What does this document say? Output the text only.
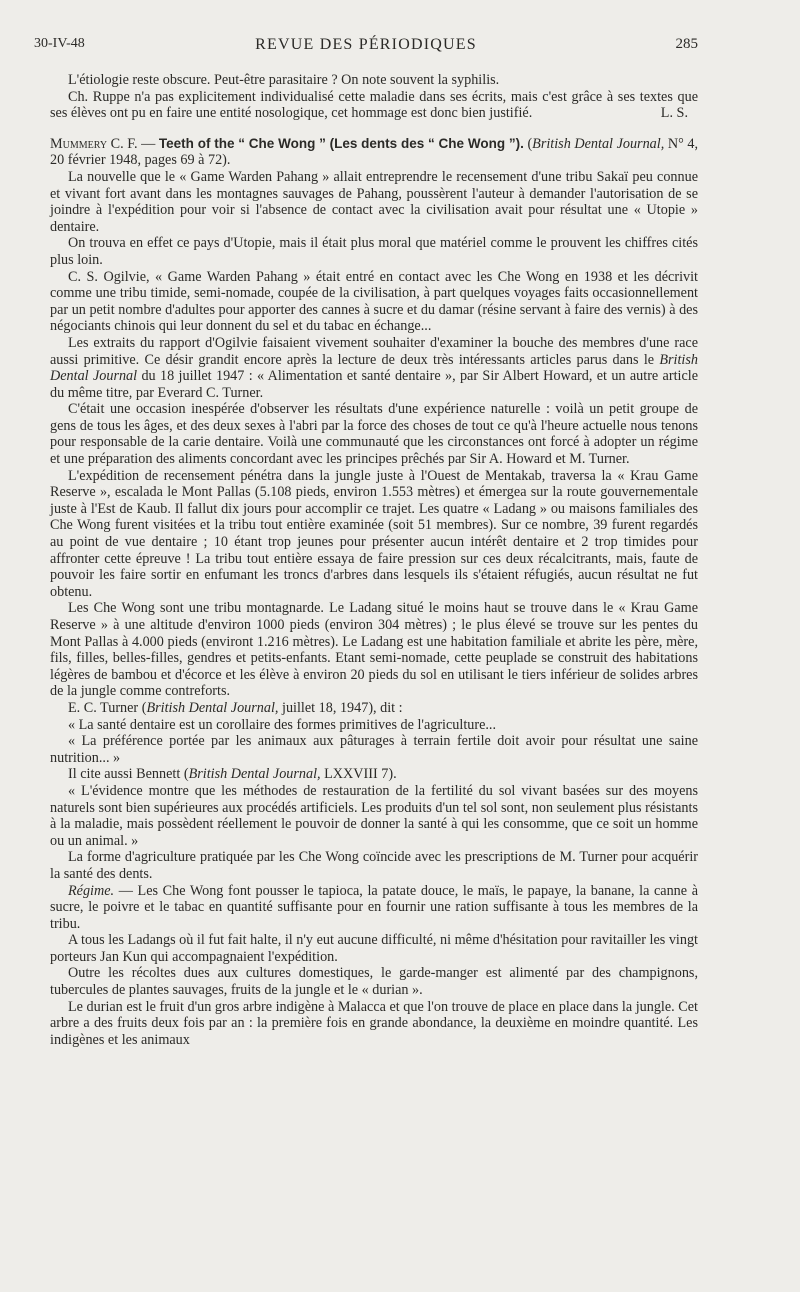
30-IV-48	REVUE DES PÉRIODIQUES	285

L'étiologie reste obscure. Peut-être parasitaire ? On note souvent la syphilis.

Ch. Ruppe n'a pas explicitement individualisé cette maladie dans ses écrits, mais c'est grâce à ses textes que ses élèves ont pu en faire une entité nosologique, cet hommage est donc bien justifié.	L. S.

Mummery C. F. — Teeth of the “ Che Wong ” (Les dents des “ Che Wong ”). (British Dental Journal, N° 4, 20 février 1948, pages 69 à 72).

La nouvelle que le « Game Warden Pahang » allait entreprendre le recensement d'une tribu Sakaï peu connue et vivant fort avant dans les montagnes sauvages de Pahang, poussèrent l'auteur à demander l'autorisation de se joindre à l'expédition pour voir si l'absence de contact avec la civilisation avait pour résultat une « Utopie » dentaire.

On trouva en effet ce pays d'Utopie, mais il était plus moral que matériel comme le prouvent les chiffres cités plus loin.

C. S. Ogilvie, « Game Warden Pahang » était entré en contact avec les Che Wong en 1938 et les décrivit comme une tribu timide, semi-nomade, coupée de la civilisation, à part quelques voyages faits occasionnellement par un petit nombre d'adultes pour apporter des cannes à sucre et du damar (résine servant à faire des vernis) à des négociants chinois qui leur donnent du sel et du tabac en échange...

Les extraits du rapport d'Ogilvie faisaient vivement souhaiter d'examiner la bouche des membres d'une race aussi primitive. Ce désir grandit encore après la lecture de deux très intéressants articles parus dans le British Dental Journal du 18 juillet 1947 : « Alimentation et santé dentaire », par Sir Albert Howard, et un autre article du même titre, par Everard C. Turner.

C'était une occasion inespérée d'observer les résultats d'une expérience naturelle : voilà un petit groupe de gens de tous les âges, et des deux sexes à l'abri par la force des choses de tout ce qu'à l'heure actuelle nous tenons pour responsable de la carie dentaire. Voilà une communauté que les circonstances ont forcé à adopter un régime et une préparation des aliments concordant avec les principes prêchés par Sir A. Howard et M. Turner.

L'expédition de recensement pénétra dans la jungle juste à l'Ouest de Mentakab, traversa la « Krau Game Reserve », escalada le Mont Pallas (5.108 pieds, environ 1.553 mètres) et émergea sur la route gouvernementale juste à l'Est de Kaub. Il fallut dix jours pour accomplir ce trajet. Les quatre « Ladang » ou maisons familiales des Che Wong furent visitées et la tribu tout entière examinée (soit 51 membres). Sur ce nombre, 39 furent regardés au point de vue dentaire ; 10 étant trop jeunes pour présenter aucun intérêt dentaire et 2 trop timides pour affronter cette épreuve ! La tribu tout entière essaya de faire pression sur ces deux récalcitrants, mais, faute de pouvoir les faire sortir en enfumant les troncs d'arbres dans lesquels ils s'étaient réfugiés, aucun résultat ne fut obtenu.

Les Che Wong sont une tribu montagnarde. Le Ladang situé le moins haut se trouve dans le « Krau Game Reserve » à une altitude d'environ 1000 pieds (environ 304 mètres) ; le plus élevé se trouve sur les pentes du Mont Pallas à 4.000 pieds (environt 1.216 mètres). Le Ladang est une habitation familiale et abrite les père, mère, fils, filles, belles-filles, gendres et petits-enfants. Etant semi-nomade, cette peuplade se construit des habitations légères de bambou et d'écorce et les élève à environ 20 pieds du sol en utilisant le tiers inférieur de solides arbres de la jungle comme contreforts.

E. C. Turner (British Dental Journal, juillet 18, 1947), dit :

« La santé dentaire est un corollaire des formes primitives de l'agriculture...

« La préférence portée par les animaux aux pâturages à terrain fertile doit avoir pour résultat une saine nutrition... »

Il cite aussi Bennett (British Dental Journal, LXXVIII 7).

« L'évidence montre que les méthodes de restauration de la fertilité du sol vivant basées sur des moyens naturels sont bien supérieures aux procédés artificiels. Les produits d'un tel sol sont, non seulement plus résistants à la maladie, mais possèdent réellement le pouvoir de donner la santé à qui les consomme, que ce soit un homme ou un animal. »

La forme d'agriculture pratiquée par les Che Wong coïncide avec les prescriptions de M. Turner pour acquérir la santé des dents.

Régime. — Les Che Wong font pousser le tapioca, la patate douce, le maïs, le papaye, la banane, la canne à sucre, le poivre et le tabac en quantité suffisante pour en fournir une ration suffisante à tous les membres de la tribu.

A tous les Ladangs où il fut fait halte, il n'y eut aucune difficulté, ni même d'hésitation pour ravitailler les vingt porteurs Jan Kun qui accompagnaient l'expédition.

Outre les récoltes dues aux cultures domestiques, le garde-manger est alimenté par des champignons, tubercules de plantes sauvages, fruits de la jungle et le « durian ».

Le durian est le fruit d'un gros arbre indigène à Malacca et que l'on trouve de place en place dans la jungle. Cet arbre a des fruits deux fois par an : la première fois en grande abondance, la deuxième en moindre quantité. Les indigènes et les animaux
